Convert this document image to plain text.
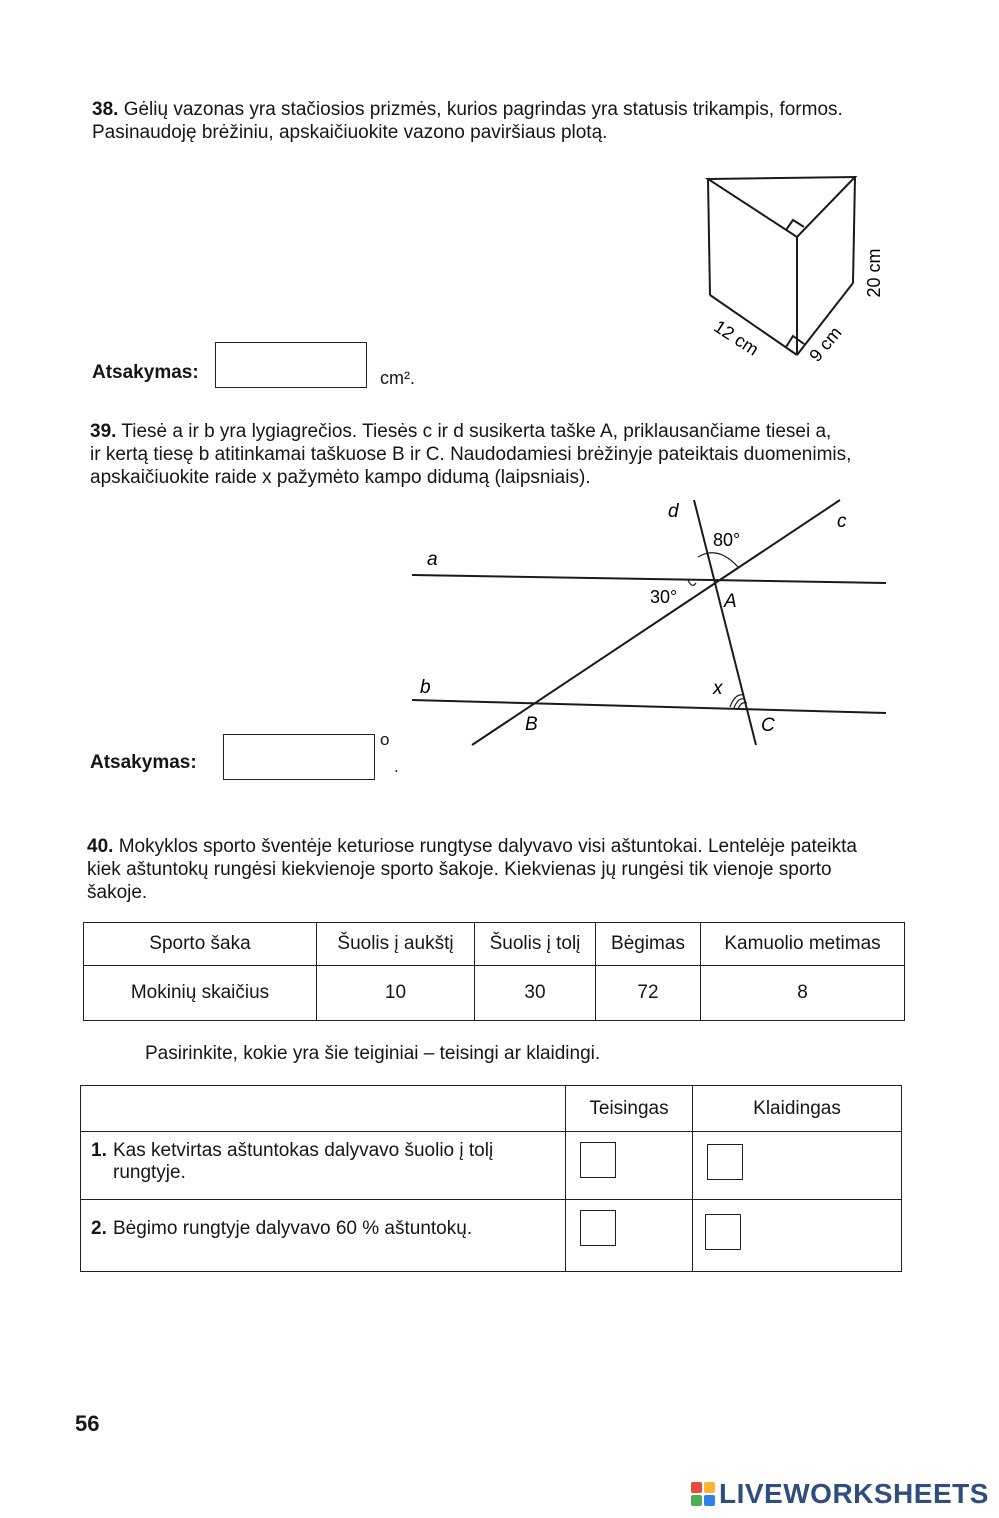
38. Gėlių vazonas yra stačiosios prizmės, kurios pagrindas yra statusis trikampis, formos.
Pasinaudoję brėžiniu, apskaičiuokite vazono paviršiaus plotą.
20 cm
12 cm 9 cm
Atsakymas:	cm².
39. Tiesė a ir b yra lygiagrečios. Tiesės c ir d susikerta taške A, priklausančiame tiesei a,
ir kertą tiesę b atitinkamai taškuose B ir C. Naudodamiesi brėžinyje pateiktais duomenimis,
apskaičiuokite raide x pažymėto kampo didumą (laipsniais).
a
b
c
d
A
B	C
x
80°
30°
Atsakymas:
o
.
40. Mokyklos sporto šventėje keturiose rungtyse dalyvavo visi aštuntokai. Lentelėje pateikta
kiek aštuntokų rungėsi kiekvienoje sporto šakoje. Kiekvienas jų rungėsi tik vienoje sporto
šakoje.
Sporto šaka	Šuolis į aukštį	Šuolis į tolį	Bėgimas	Kamuolio metimas
Mokinių skaičius	10	30	72	8
Pasirinkite, kokie yra šie teiginiai – teisingi ar klaidingi.
	Teisingas	Klaidingas

1. Kas ketvirtas aštuntokas dalyvavo šuolio į tolį
rungtyje.		

2. Bėgimo rungtyje dalyvavo 60 % aštuntokų.		

56
LIVEWORKSHEETS
